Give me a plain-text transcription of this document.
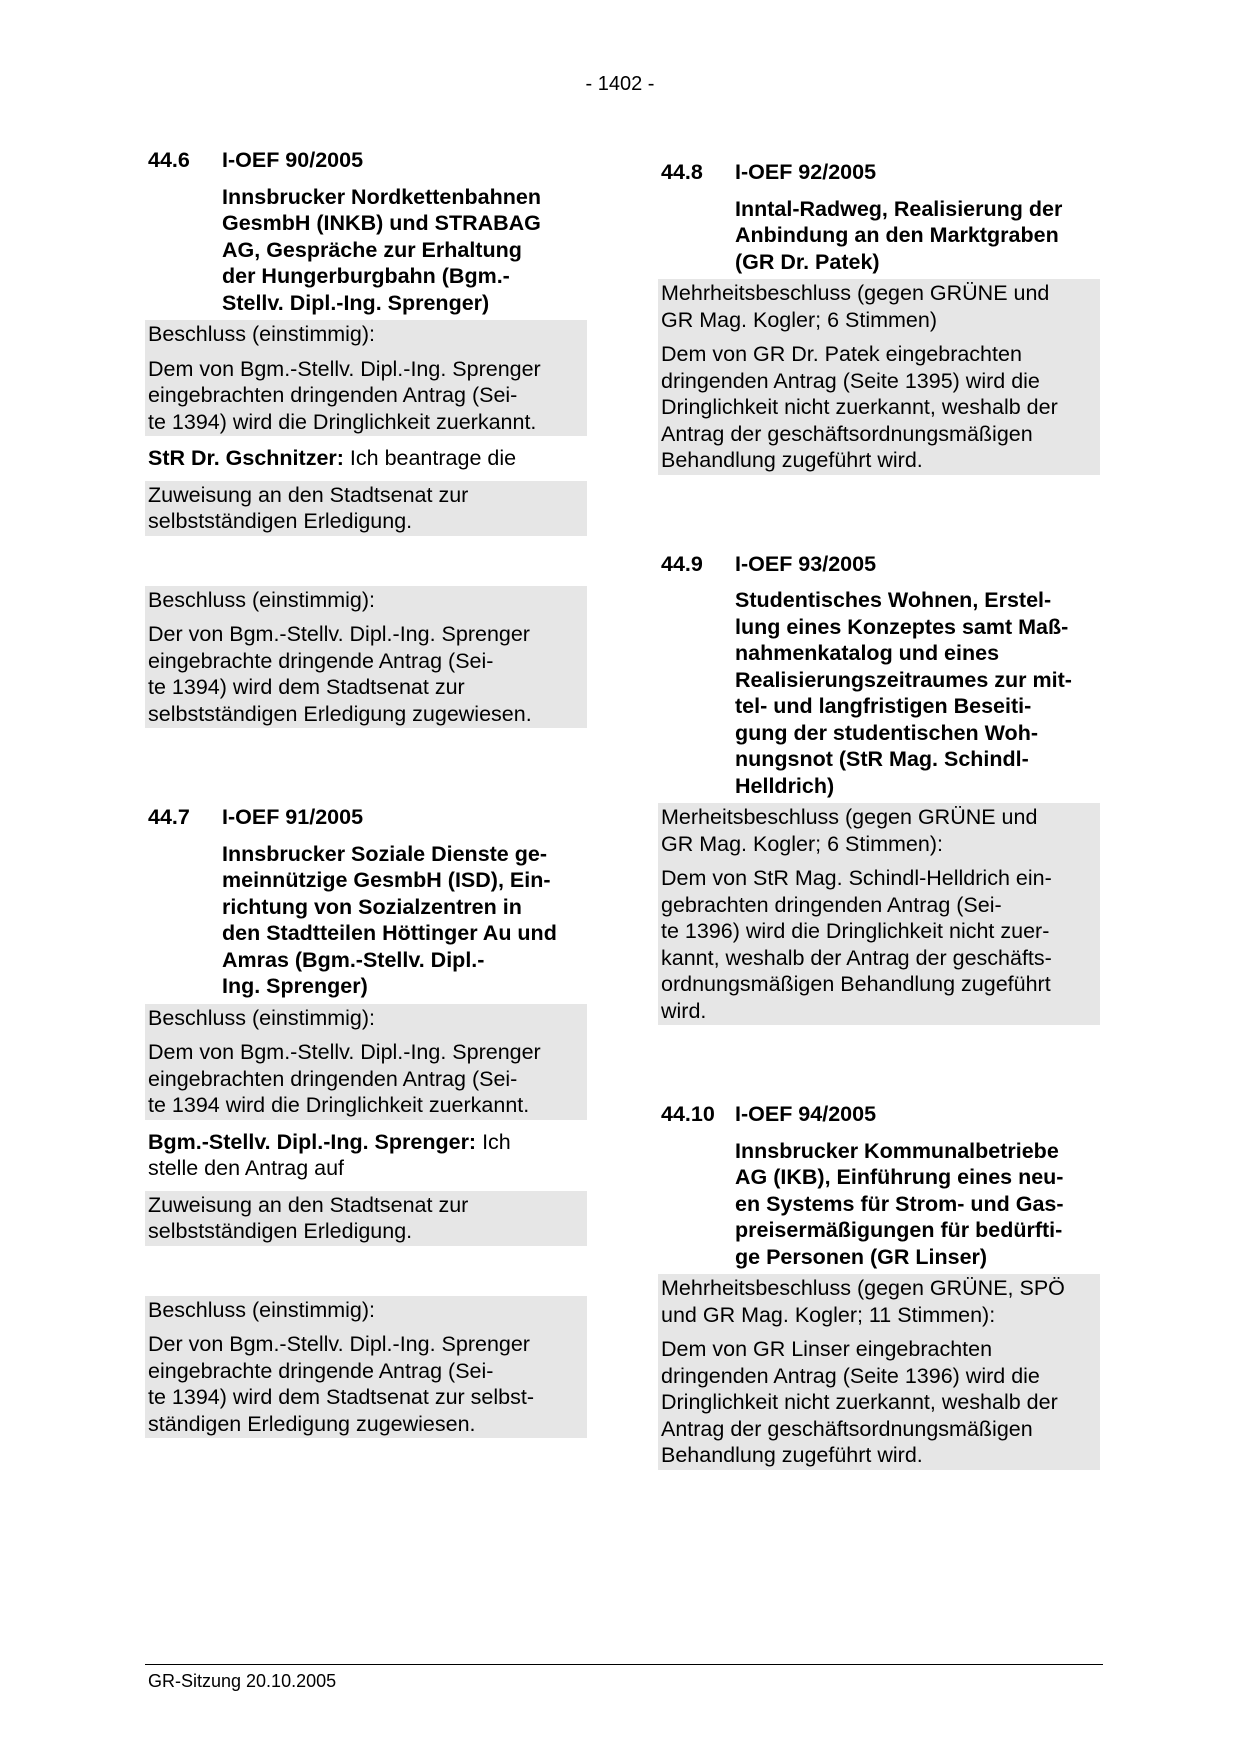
- 1402 -
44.6	I-OEF 90/2005
Innsbrucker Nordkettenbahnen
GesmbH (INKB) und STRABAG
AG, Gespräche zur Erhaltung
der Hungerburgbahn (Bgm.-
Stellv. Dipl.-Ing. Sprenger)
Beschluss (einstimmig):
Dem von Bgm.-Stellv. Dipl.-Ing. Sprenger
eingebrachten dringenden Antrag (Sei-
te 1394) wird die Dringlichkeit zuerkannt.
StR Dr. Gschnitzer: Ich beantrage die
Zuweisung an den Stadtsenat zur
selbstständigen Erledigung.
Beschluss (einstimmig):
Der von Bgm.-Stellv. Dipl.-Ing. Sprenger
eingebrachte dringende Antrag (Sei-
te 1394) wird dem Stadtsenat zur
selbstständigen Erledigung zugewiesen.
44.7	I-OEF 91/2005
Innsbrucker Soziale Dienste ge-
meinnützige GesmbH (ISD), Ein-
richtung von Sozialzentren in
den Stadtteilen Höttinger Au und
Amras (Bgm.-Stellv. Dipl.-
Ing. Sprenger)
Beschluss (einstimmig):
Dem von Bgm.-Stellv. Dipl.-Ing. Sprenger
eingebrachten dringenden Antrag (Sei-
te 1394 wird die Dringlichkeit zuerkannt.
Bgm.-Stellv. Dipl.-Ing. Sprenger: Ich
stelle den Antrag auf
Zuweisung an den Stadtsenat zur
selbstständigen Erledigung.
Beschluss (einstimmig):
Der von Bgm.-Stellv. Dipl.-Ing. Sprenger
eingebrachte dringende Antrag (Sei-
te 1394) wird dem Stadtsenat zur selbst-
ständigen Erledigung zugewiesen.
44.8	I-OEF 92/2005
Inntal-Radweg, Realisierung der
Anbindung an den Marktgraben
(GR Dr. Patek)
Mehrheitsbeschluss (gegen GRÜNE und
GR Mag. Kogler; 6 Stimmen)
Dem von GR Dr. Patek eingebrachten
dringenden Antrag (Seite 1395) wird die
Dringlichkeit nicht zuerkannt, weshalb der
Antrag der geschäftsordnungsmäßigen
Behandlung zugeführt wird.
44.9	I-OEF 93/2005
Studentisches Wohnen, Erstel-
lung eines Konzeptes samt Maß-
nahmenkatalog und eines
Realisierungszeitraumes zur mit-
tel- und langfristigen Beseiti-
gung der studentischen Woh-
nungsnot (StR Mag. Schindl-
Helldrich)
Merheitsbeschluss (gegen GRÜNE und
GR Mag. Kogler; 6 Stimmen):
Dem von StR Mag. Schindl-Helldrich ein-
gebrachten dringenden Antrag (Sei-
te 1396) wird die Dringlichkeit nicht zuer-
kannt, weshalb der Antrag der geschäfts-
ordnungsmäßigen Behandlung zugeführt
wird.
44.10 I-OEF 94/2005
Innsbrucker Kommunalbetriebe
AG (IKB), Einführung eines neu-
en Systems für Strom- und Gas-
preisermäßigungen für bedürfti-
ge Personen (GR Linser)
Mehrheitsbeschluss (gegen GRÜNE, SPÖ
und GR Mag. Kogler; 11 Stimmen):
Dem von GR Linser eingebrachten
dringenden Antrag (Seite 1396) wird die
Dringlichkeit nicht zuerkannt, weshalb der
Antrag der geschäftsordnungsmäßigen
Behandlung zugeführt wird.
GR-Sitzung 20.10.2005
